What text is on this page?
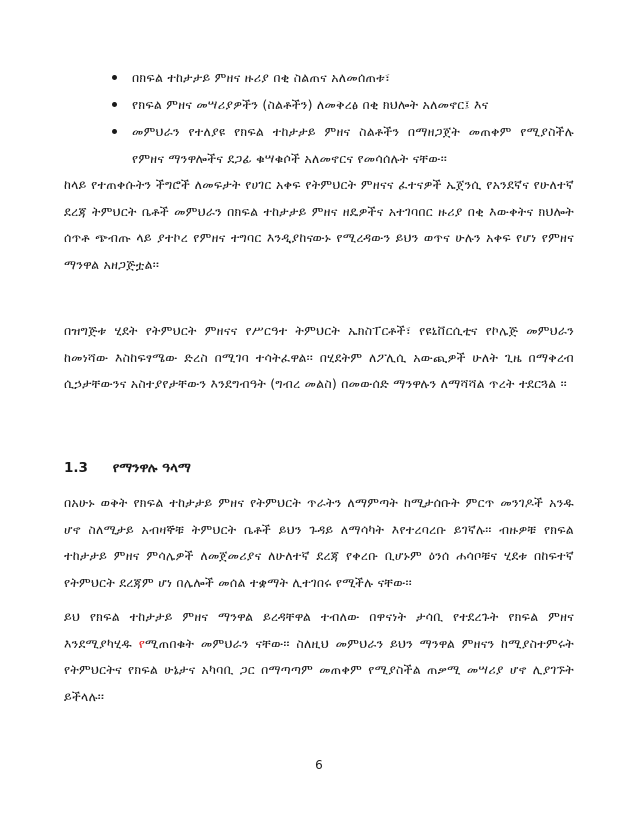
በክፍል ተከታታይ ምዘና ዙሪያ በቂ ስልጠና አለመሰጠቱ፣
የክፍል ምዘና መሣሪያዎችን (ስልቶችን) ለመቅረፅ በቂ ክህሎት አለመኖር፤ እና
መምህራን የተለያዩ የክፍል ተከታታይ ምዘና ስልቶችን በማዘጋጀት መጠቀም የሚያስችሉ የምዘና ማንዋሎችና ደጋፊ ቁሣቁሶች አለመኖርና የመሳሰሉት ናቸው፡፡

ከላይ የተጠቀሱትን ችግሮች ለመፍታት የሀገር አቀፍ የትምህርት ምዘናና ፈተናዎች ኤጀንሲ የአንደኛና የሁለተኛ ደረጃ ትምህርት ቤቶች መምህራን በክፍል ተከታታይ ምዘና ዘዴዎችና አተገባበር ዙሪያ በቂ እውቀትና ክህሎት ሰጥቶ ጭብጡ ላይ ያተኮረ የምዘና ተግባር እንዲያከናውኑ የሚረዳውን ይህን ወጥና ሁሉን አቀፍ የሆነ የምዘና ማንዋል አዘጋጅቷል፡፡

በዝግጅቱ ሂደት የትምህርት ምዘናና የሥርዓተ ትምህርት ኤክስፐርቶች፣ የዩኒቨርሲቲና የኮሌጅ መምህራን ከመነሻው እስከፍፃሜው ድረስ በሚገባ ተሳትፈዋል፡፡ በሂደትም ለፖሊሲ አውጪዎች ሁለት ጊዜ በማቅረብ ሲኃታቸውንና አስተያየታቸውን እንደግብዓት (ግብረ መልስ) በመውሰድ ማንዋሉን ለማሻሻል ጥረት ተደርጓል ፡፡

1.3 የማንዋሉ ዓላማ

በአሁኑ ወቅት የክፍል ተከታታይ ምዘና የትምህርት ጥራትን ለማምጣት ከሚታሰቡት ምርጥ መንገዶች አንዱ ሆኖ ስለሚታይ አብዛኞቹ ትምህርት ቤቶች ይህን ጉዳይ ለማሳካት እየተረባረቡ ይገኛሉ፡፡ ብዙዎቹ የክፍል ተከታታይ ምዘና ምሳሌዎች ለመጀመሪያና ለሁለተኛ ደረጃ የቀረቡ ቢሆኑም ዕንሰ ሐሳቦቹና ሂደቱ በከፍተኛ የትምህርት ደረጃም ሆነ በሌሎች መሰል ተቋማት ሊተገበሩ የሚችሉ ናቸው፡፡

ይህ የክፍል ተከታታይ ምዘና ማንዋል ይረዳቸዋል ተብለው በዋናነት ታሳቢ የተደረጉት የክፍል ምዘና እንደሚያካሂዱ የሚጠበቁት መምህራን ናቸው፡፡ ስለዚህ መምህራን ይህን ማንዋል ምዘናን ከሚያስተምሩት የትምህርትና የክፍል ሁኔታና አካባቢ ጋር በማጣጣም መጠቀም የሚያስችል ጠቃሚ መሣሪያ ሆኖ ሊያገኙት ይችላሉ፡፡

6
